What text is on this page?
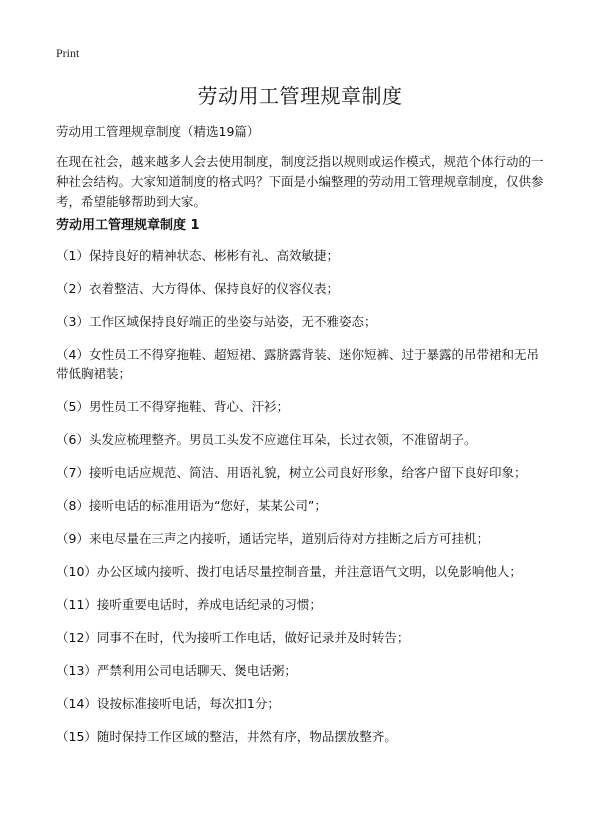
Print
劳动用工管理规章制度

劳动用工管理规章制度（精选19篇）

在现在社会，越来越多人会去使用制度，制度泛指以规则或运作模式，规范个体行动的一种社会结构。大家知道制度的格式吗？下面是小编整理的劳动用工管理规章制度，仅供参考，希望能够帮助到大家。

劳动用工管理规章制度 1
（1）保持良好的精神状态、彬彬有礼、高效敏捷；
（2）衣着整洁、大方得体、保持良好的仪容仪表；
（3）工作区域保持良好端正的坐姿与站姿，无不雅姿态；
（4）女性员工不得穿拖鞋、超短裙、露脐露背装、迷你短裤、过于暴露的吊带裙和无吊带低胸裙装；
（5）男性员工不得穿拖鞋、背心、汗衫；
（6）头发应梳理整齐。男员工头发不应遮住耳朵，长过衣领，不准留胡子。
（7）接听电话应规范、简洁、用语礼貌，树立公司良好形象，给客户留下良好印象；
（8）接听电话的标准用语为“您好，某某公司”；
（9）来电尽量在三声之内接听，通话完毕，道别后待对方挂断之后方可挂机；
（10）办公区域内接听、拨打电话尽量控制音量，并注意语气文明，以免影响他人；
（11）接听重要电话时，养成电话纪录的习惯；
（12）同事不在时，代为接听工作电话，做好记录并及时转告；
（13）严禁利用公司电话聊天、煲电话粥；
（14）设按标准接听电话，每次扣1分；
（15）随时保持工作区域的整洁，井然有序，物品摆放整齐。
